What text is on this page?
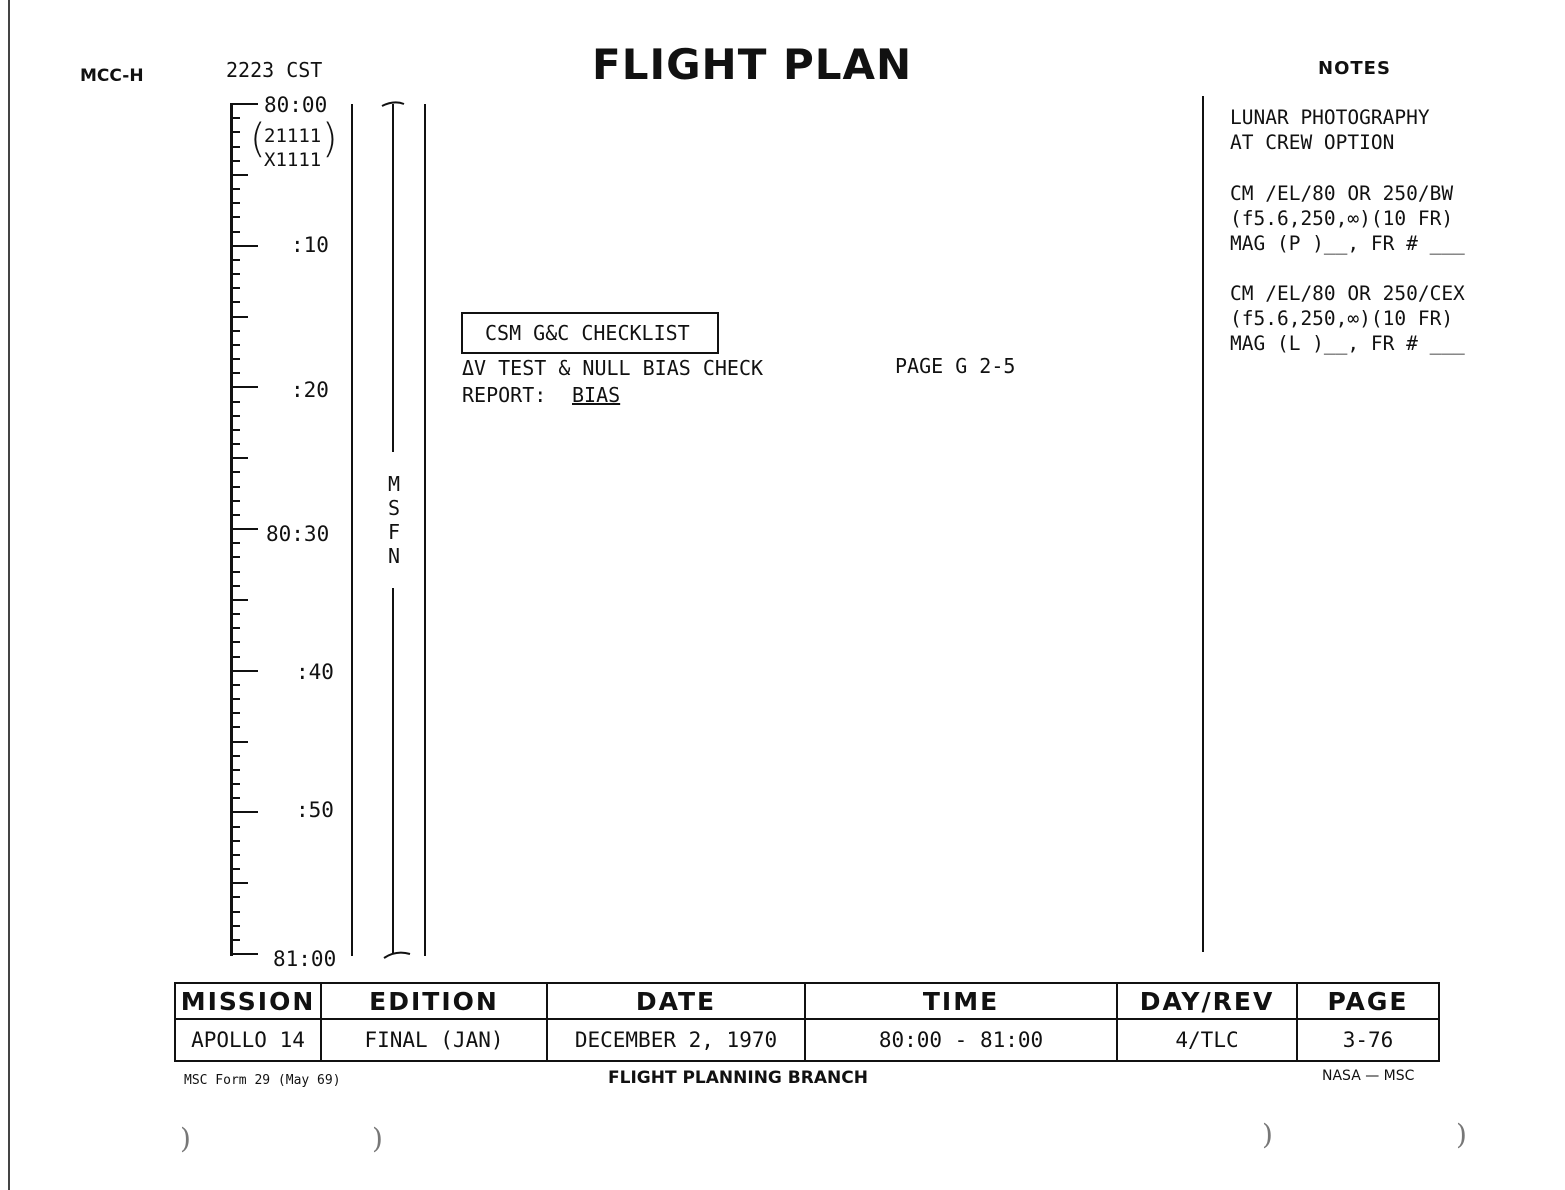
MCC-H	2223 CST	FLIGHT PLAN	NOTES
80:00
:10
:20
80:30
:40
:50
81:00
(
21111
X1111 )
M
S
F
N
CSM G&C CHECKLIST
ΔV TEST & NULL BIAS CHECK	PAGE G 2-5
REPORT: BIAS
LUNAR PHOTOGRAPHY
AT CREW OPTION
CM /EL/80 OR 250/BW
(f5.6,250,∞)(10 FR)
MAG (P )__, FR # ___
CM /EL/80 OR 250/CEX
(f5.6,250,∞)(10 FR)
MAG (L )__, FR # ___
MISSION	EDITION	DATE	TIME	DAY/REV	PAGE
APOLLO 14	FINAL (JAN)	DECEMBER 2, 1970	80:00 - 81:00	4/TLC	3-76
MSC Form 29 (May 69)	FLIGHT PLANNING BRANCH	NASA — MSC
)	)	)	)
